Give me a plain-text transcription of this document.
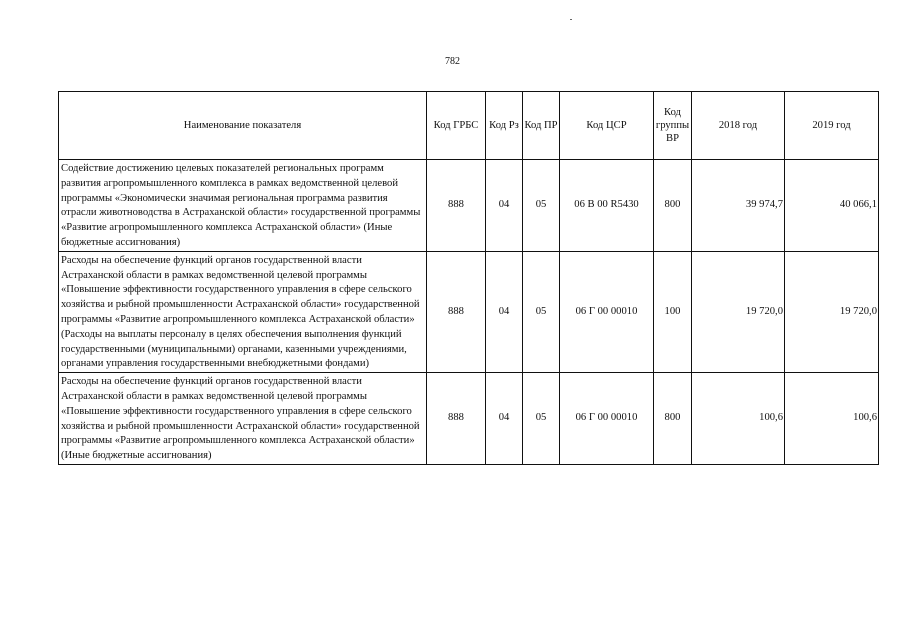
782
Наименование показателя	Код ГРБС	Код Рз	Код ПР	Код ЦСР	Код группы ВР	2018 год	2019 год
Содействие достижению целевых показателей региональных программ развития агропромышленного комплекса в рамках ведомственной целевой программы «Экономически значимая региональная программа развития отрасли животноводства в Астраханской области» государственной программы «Развитие агропромышленного комплекса Астраханской области» (Иные бюджетные ассигнования)	888	04	05	06 В 00 R5430	800	39 974,7	40 066,1
Расходы на обеспечение функций органов государственной власти Астраханской области в рамках ведомственной целевой программы «Повышение эффективности государственного управления в сфере сельского хозяйства и рыбной промышленности Астраханской области» государственной программы «Развитие агропромышленного комплекса Астраханской области» (Расходы на выплаты персоналу в целях обеспечения выполнения функций государственными (муниципальными) органами, казенными учреждениями, органами управления государственными внебюджетными фондами)	888	04	05	06 Г 00 00010	100	19 720,0	19 720,0
Расходы на обеспечение функций органов государственной власти Астраханской области в рамках ведомственной целевой программы «Повышение эффективности государственного управления в сфере сельского хозяйства и рыбной промышленности Астраханской области» государственной программы «Развитие агропромышленного комплекса Астраханской области» (Иные бюджетные ассигнования)	888	04	05	06 Г 00 00010	800	100,6	100,6
